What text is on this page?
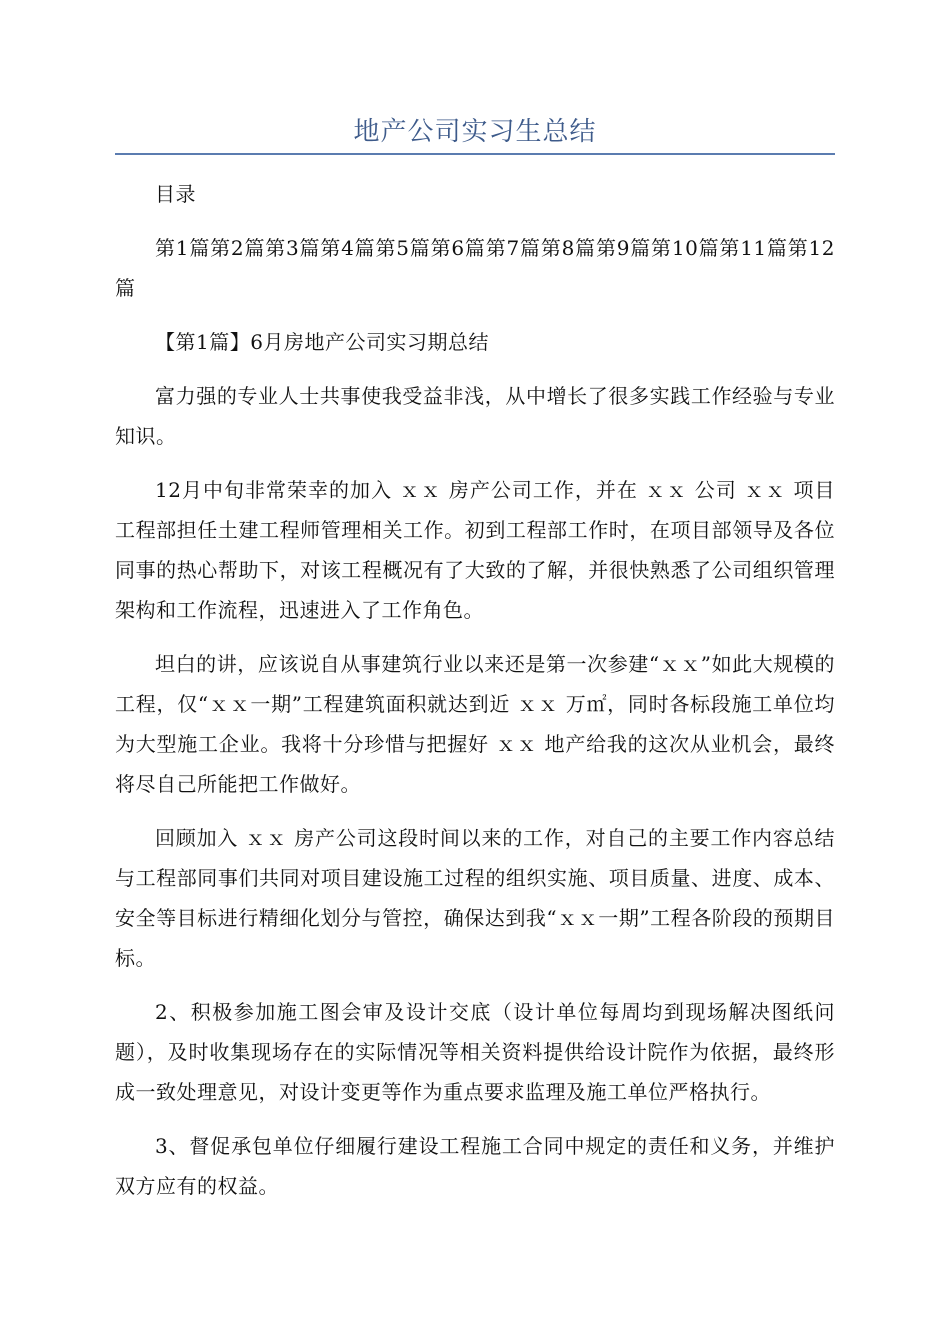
地产公司实习生总结

目录

第1篇第2篇第3篇第4篇第5篇第6篇第7篇第8篇第9篇第10篇第11篇第12篇

【第1篇】6月房地产公司实习期总结

富力强的专业人士共事使我受益非浅，从中增长了很多实践工作经验与专业知识。

12月中旬非常荣幸的加入 ｘｘ 房产公司工作，并在 ｘｘ 公司 ｘｘ 项目工程部担任土建工程师管理相关工作。初到工程部工作时，在项目部领导及各位同事的热心帮助下，对该工程概况有了大致的了解，并很快熟悉了公司组织管理架构和工作流程，迅速进入了工作角色。

坦白的讲，应该说自从事建筑行业以来还是第一次参建“ｘｘ”如此大规模的工程，仅“ｘｘ一期”工程建筑面积就达到近 ｘｘ 万㎡，同时各标段施工单位均为大型施工企业。我将十分珍惜与把握好 ｘｘ 地产给我的这次从业机会，最终将尽自己所能把工作做好。

回顾加入 ｘｘ 房产公司这段时间以来的工作，对自己的主要工作内容总结与工程部同事们共同对项目建设施工过程的组织实施、项目质量、进度、成本、安全等目标进行精细化划分与管控，确保达到我“ｘｘ一期”工程各阶段的预期目标。

2、积极参加施工图会审及设计交底（设计单位每周均到现场解决图纸问题），及时收集现场存在的实际情况等相关资料提供给设计院作为依据，最终形成一致处理意见，对设计变更等作为重点要求监理及施工单位严格执行。

3、督促承包单位仔细履行建设工程施工合同中规定的责任和义务，并维护双方应有的权益。
